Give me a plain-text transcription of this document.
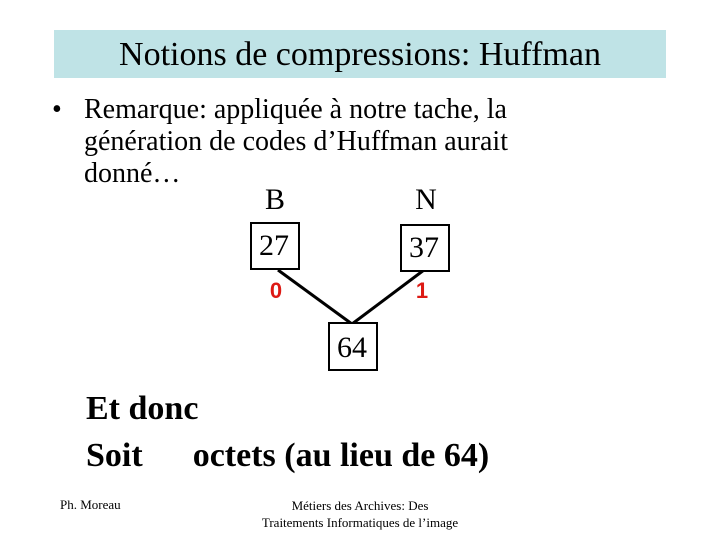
Notions de compressions: Huffman
• Remarque: appliquée à notre tache, la
génération de codes d’Huffman aurait
donné…
B	N
27	37
64
0	1
Et donc
Soit octets (au lieu de 64)
Ph. Moreau	Métiers des Archives: Des
Traitements Informatiques de l’image
